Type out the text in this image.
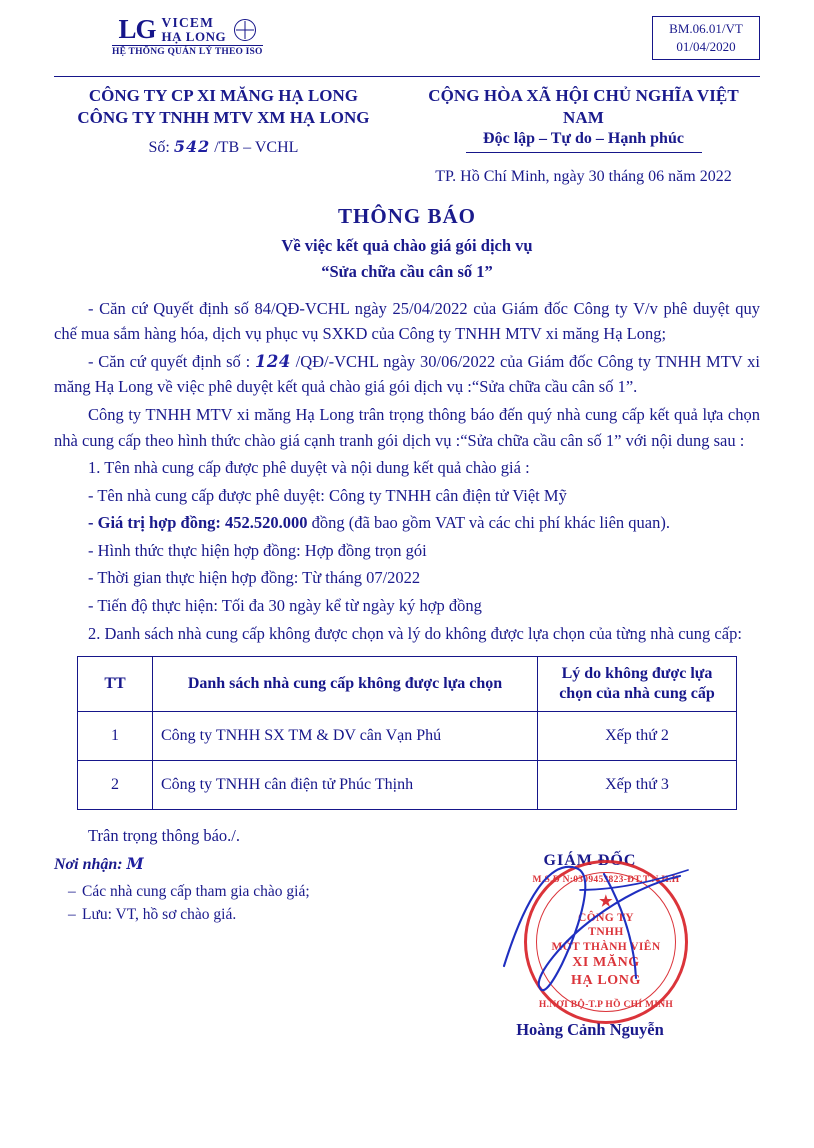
LG VICEM
HẠ LONG
HỆ THỐNG QUẢN LÝ THEO ISO
BM.06.01/VT
01/04/2020
CÔNG TY CP XI MĂNG HẠ LONG
CÔNG TY TNHH MTV XM HẠ LONG
Số: 542 /TB – VCHL
CỘNG HÒA XÃ HỘI CHỦ NGHĨA VIỆT NAM
Độc lập – Tự do – Hạnh phúc
TP. Hồ Chí Minh, ngày 30 tháng 06 năm 2022
THÔNG BÁO
Về việc kết quả chào giá gói dịch vụ
“Sửa chữa cầu cân số 1”

- Căn cứ Quyết định số 84/QĐ-VCHL ngày 25/04/2022 của Giám đốc Công ty V/v phê duyệt quy chế mua sắm hàng hóa, dịch vụ phục vụ SXKD của Công ty TNHH MTV xi măng Hạ Long;

- Căn cứ quyết định số : 124 /QĐ/-VCHL ngày 30/06/2022 của Giám đốc Công ty TNHH MTV xi măng Hạ Long về việc phê duyệt kết quả chào giá gói dịch vụ :“Sửa chữa cầu cân số 1”.

Công ty TNHH MTV xi măng Hạ Long trân trọng thông báo đến quý nhà cung cấp kết quả lựa chọn nhà cung cấp theo hình thức chào giá cạnh tranh gói dịch vụ :“Sửa chữa cầu cân số 1” với nội dung sau :

1. Tên nhà cung cấp được phê duyệt và nội dung kết quả chào giá :

- Tên nhà cung cấp được phê duyệt: Công ty TNHH cân điện tử Việt Mỹ

- Giá trị hợp đồng: 452.520.000 đồng (đã bao gồm VAT và các chi phí khác liên quan).

- Hình thức thực hiện hợp đồng: Hợp đồng trọn gói

- Thời gian thực hiện hợp đồng: Từ tháng 07/2022

- Tiến độ thực hiện: Tối đa 30 ngày kể từ ngày ký hợp đồng

2. Danh sách nhà cung cấp không được chọn và lý do không được lựa chọn của từng nhà cung cấp:

TT	Danh sách nhà cung cấp không được lựa chọn	Lý do không được lựa chọn của nhà cung cấp
1	Công ty TNHH SX TM & DV cân Vạn Phú	Xếp thứ 2
2	Công ty TNHH cân điện tử Phúc Thịnh	Xếp thứ 3
Trân trọng thông báo./.
Nơi nhận: M
– Các nhà cung cấp tham gia chào giá;
– Lưu: VT, hồ sơ chào giá.
GIÁM ĐỐC
Hoàng Cảnh Nguyễn
M.S.Đ N:0309453823-ĐT.T.N.H.H
★
CÔNG TY
TNHH
MỘT THÀNH VIÊN
XI MĂNG
HẠ LONG
H.NƠI BỘ-T.P HỒ CHÍ MINH
